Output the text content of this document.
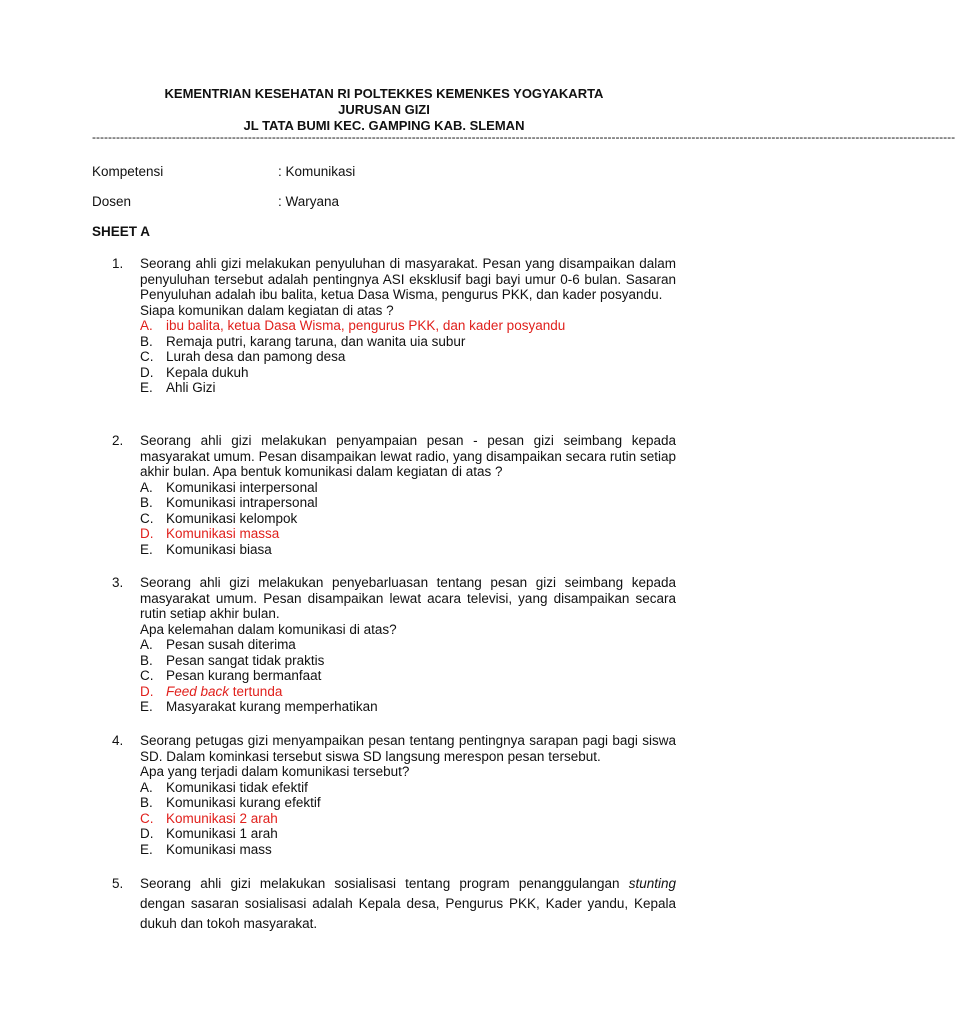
KEMENTRIAN KESEHATAN RI POLTEKKES KEMENKES YOGYAKARTA
JURUSAN GIZI
JL TATA BUMI KEC. GAMPING KAB. SLEMAN
------------------------------------------------------------------------------------------------------------------------------------------------------------------------------------------------------------------------
Kompetensi	: Komunikasi
Dosen	: Waryana
SHEET A
1. Seorang ahli gizi melakukan penyuluhan di masyarakat. Pesan yang disampaikan dalam penyuluhan tersebut adalah pentingnya ASI eksklusif bagi bayi umur 0-6 bulan. Sasaran Penyuluhan adalah ibu balita, ketua Dasa Wisma, pengurus PKK, dan kader posyandu.

Siapa komunikan dalam kegiatan di atas ?

A. ibu balita, ketua Dasa Wisma, pengurus PKK, dan kader posyandu
B. Remaja putri, karang taruna, dan wanita uia subur
C. Lurah desa dan pamong desa
D. Kepala dukuh
E. Ahli Gizi
2. Seorang ahli gizi melakukan penyampaian pesan - pesan gizi seimbang kepada masyarakat umum. Pesan disampaikan lewat radio, yang disampaikan secara rutin setiap akhir bulan. Apa bentuk komunikasi dalam kegiatan di atas ?

A. Komunikasi interpersonal
B. Komunikasi intrapersonal
C. Komunikasi kelompok
D. Komunikasi massa
E. Komunikasi biasa
3. Seorang ahli gizi melakukan penyebarluasan tentang pesan gizi seimbang kepada masyarakat umum. Pesan disampaikan lewat acara televisi, yang disampaikan secara rutin setiap akhir bulan.

Apa kelemahan dalam komunikasi di atas?

A. Pesan susah diterima
B. Pesan sangat tidak praktis
C. Pesan kurang bermanfaat
D. Feed back tertunda
E. Masyarakat kurang memperhatikan
4. Seorang petugas gizi menyampaikan pesan tentang pentingnya sarapan pagi bagi siswa SD. Dalam kominkasi tersebut siswa SD langsung merespon pesan tersebut.

Apa yang terjadi dalam komunikasi tersebut?

A. Komunikasi tidak efektif
B. Komunikasi kurang efektif
C. Komunikasi 2 arah
D. Komunikasi 1 arah
E. Komunikasi mass
5. Seorang ahli gizi melakukan sosialisasi tentang program penanggulangan stunting dengan sasaran sosialisasi adalah Kepala desa, Pengurus PKK, Kader yandu, Kepala dukuh dan tokoh masyarakat.
